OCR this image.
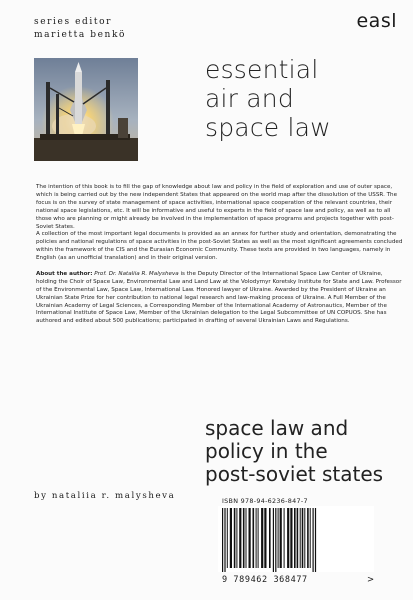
series editor
marietta benkö
easl
essential
air and
space law

The intention of this book is to fill the gap of knowledge about law and policy in the field of exploration and use of outer space, which is being carried out by the new independent States that appeared on the world map after the dissolution of the USSR. The focus is on the survey of state management of space activities, international space cooperation of the relevant countries, their national space legislations, etc. It will be informative and useful to experts in the field of space law and policy, as well as to all those who are planning or might already be involved in the implementation of space programs and projects together with post-Soviet States.

A collection of the most important legal documents is provided as an annex for further study and orientation, demonstrating the policies and national regulations of space activities in the post-Soviet States as well as the most significant agreements concluded within the framework of the CIS and the Eurasian Economic Community. These texts are provided in two languages, namely in English (as an unofficial translation) and in their original version.

About the author: Prof. Dr. Nataliia R. Malysheva is the Deputy Director of the International Space Law Center of Ukraine, holding the Choir of Space Law, Environmental Law and Land Law at the Volodymyr Koretsky Institute for State and Law. Professor of the Environmental Law, Space Law, International Law. Honored lawyer of Ukraine. Awarded by the President of Ukraine an Ukrainian State Prize for her contribution to national legal research and law-making process of Ukraine. A Full Member of the Ukrainian Academy of Legal Sciences, a Corresponding Member of the International Academy of Astronautics, Member of the International Institute of Space Law, Member of the Ukrainian delegation to the Legal Subcommittee of UN COPUOS. She has authored and edited about 500 publications; participated in drafting of several Ukrainian Laws and Regulations.

space law and
policy in the
post-soviet states
by nataliia r. malysheva	ISBN 978-94-6236-847-7
9 789462 368477	>
